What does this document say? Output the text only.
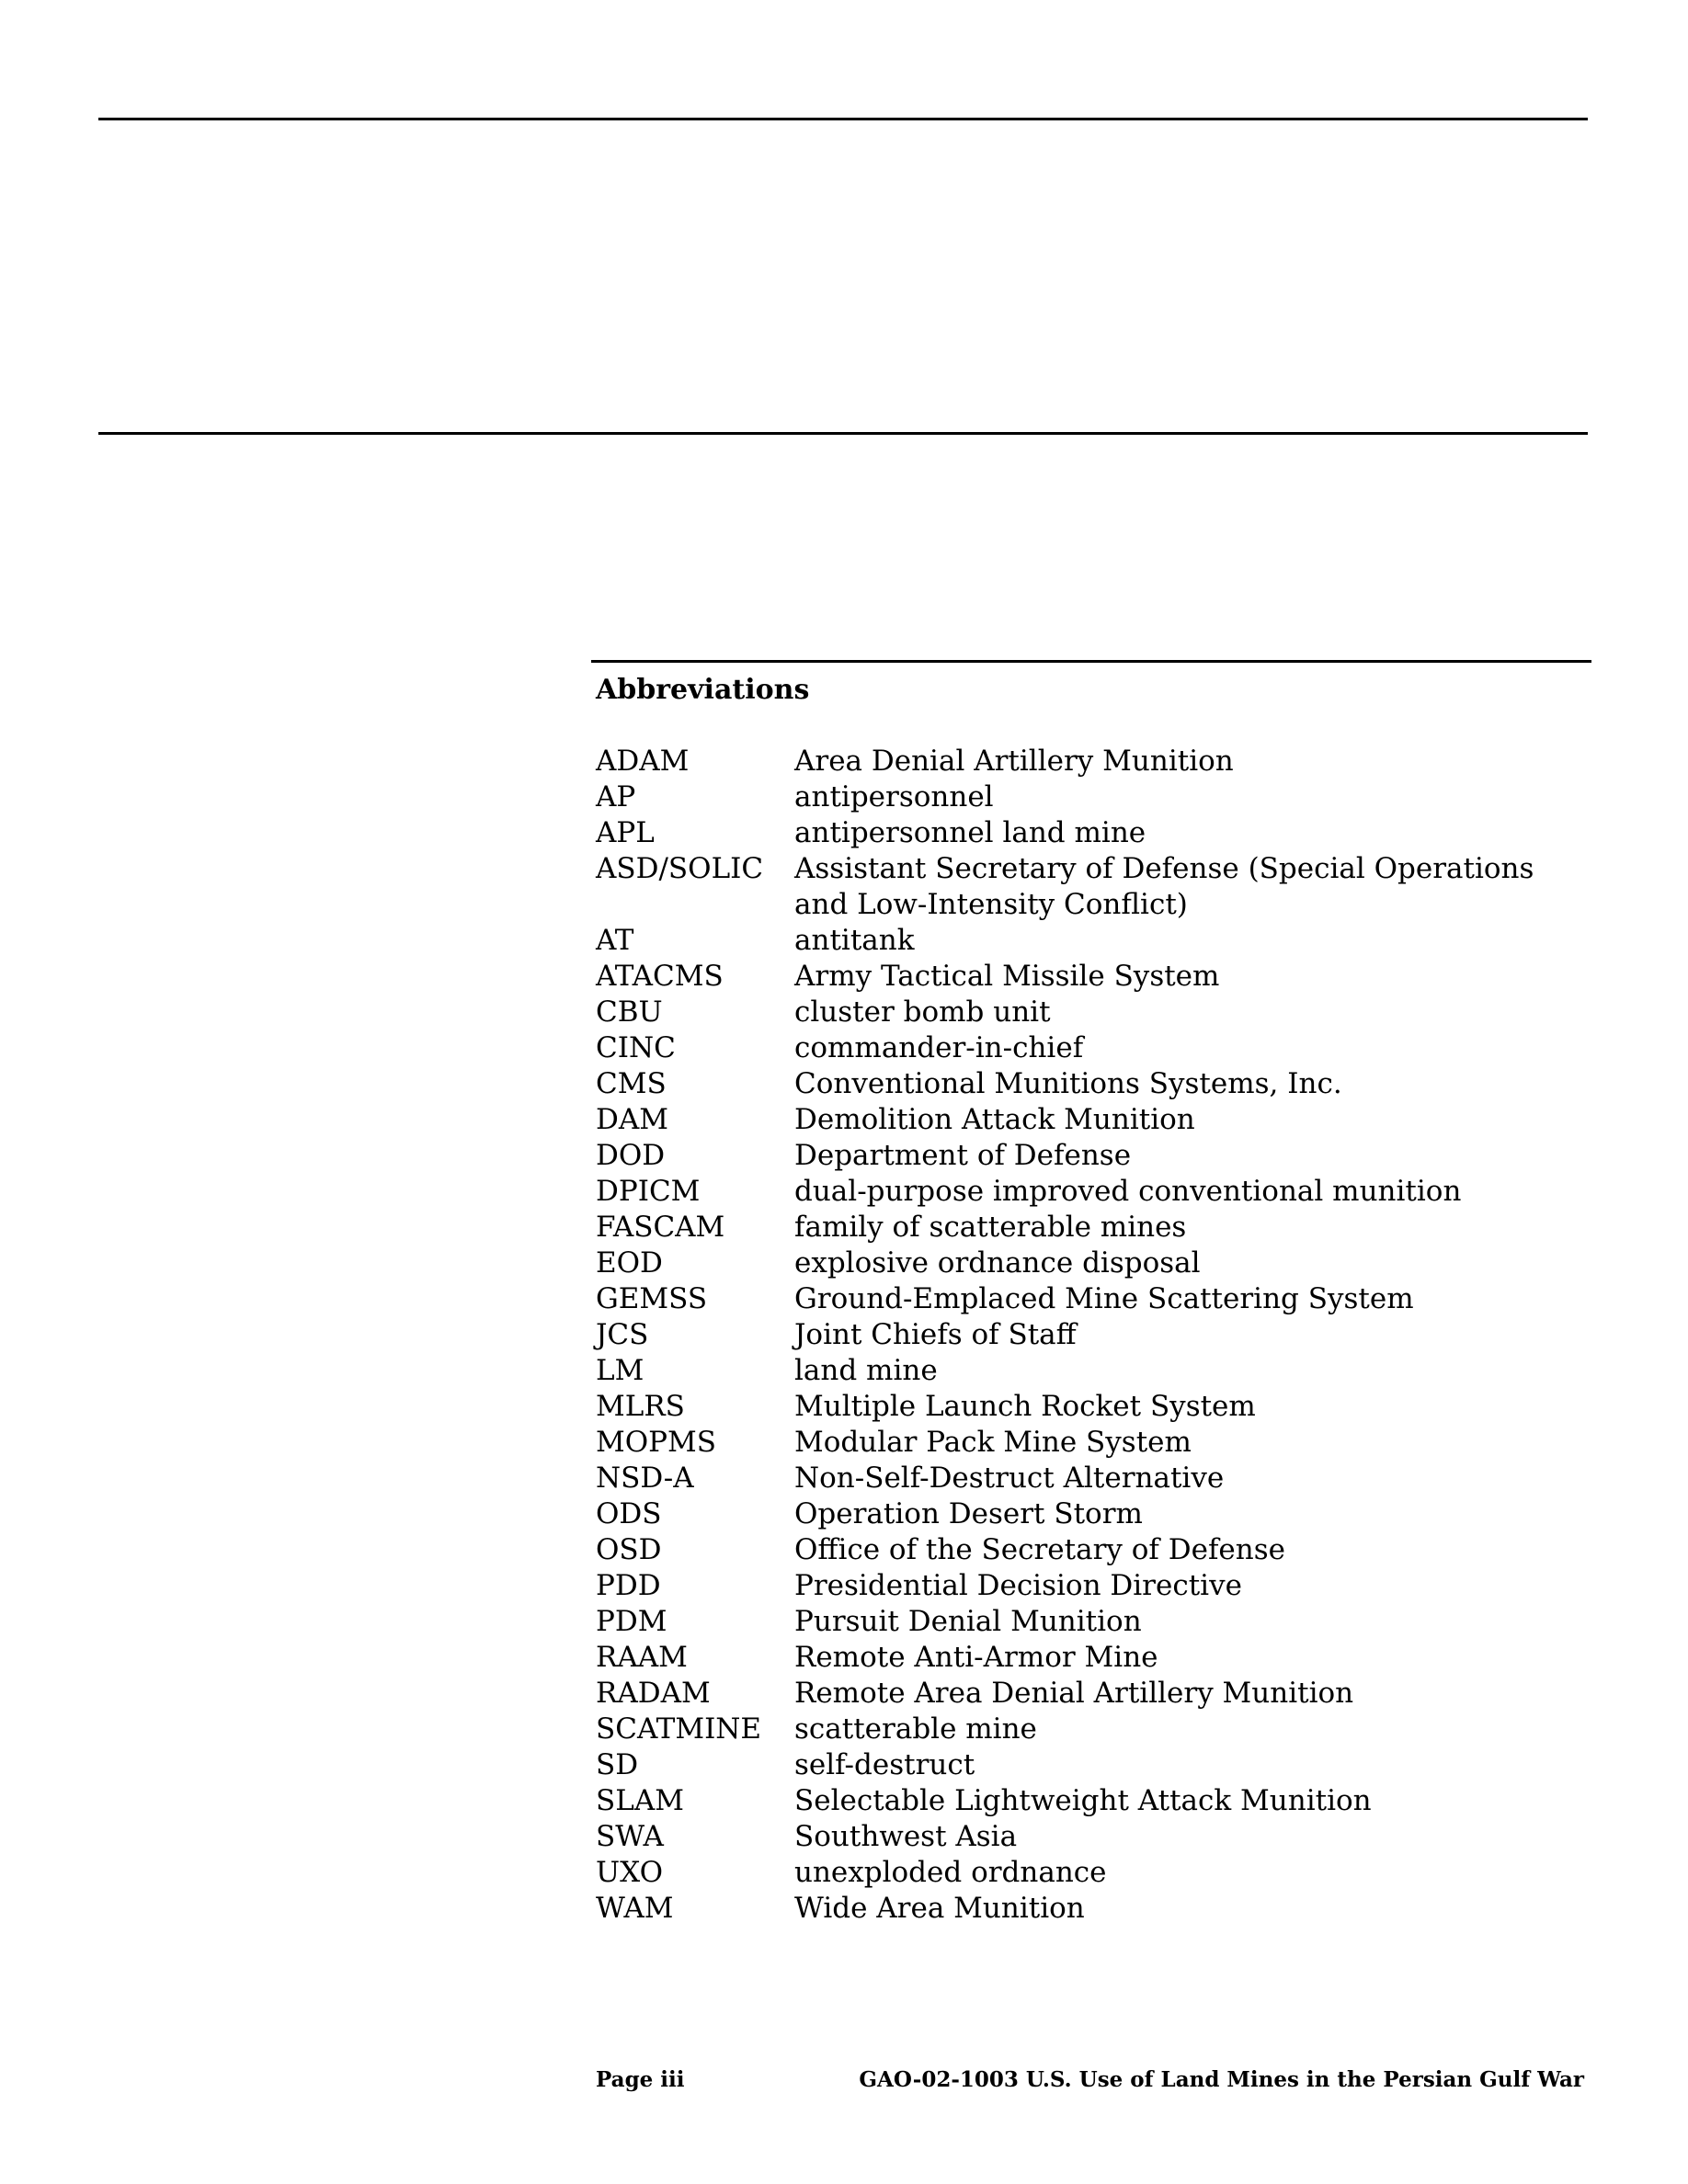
Abbreviations
ADAM	Area Denial Artillery Munition
AP	antipersonnel
APL	antipersonnel land mine
ASD/SOLIC	Assistant Secretary of Defense (Special Operations and Low-Intensity Conflict)
AT	antitank
ATACMS	Army Tactical Missile System
CBU	cluster bomb unit
CINC	commander-in-chief
CMS	Conventional Munitions Systems, Inc.
DAM	Demolition Attack Munition
DOD	Department of Defense
DPICM	dual-purpose improved conventional munition
FASCAM	family of scatterable mines
EOD	explosive ordnance disposal
GEMSS	Ground-Emplaced Mine Scattering System
JCS	Joint Chiefs of Staff
LM	land mine
MLRS	Multiple Launch Rocket System
MOPMS	Modular Pack Mine System
NSD-A	Non-Self-Destruct Alternative
ODS	Operation Desert Storm
OSD	Office of the Secretary of Defense
PDD	Presidential Decision Directive
PDM	Pursuit Denial Munition
RAAM	Remote Anti-Armor Mine
RADAM	Remote Area Denial Artillery Munition
SCATMINE	scatterable mine
SD	self-destruct
SLAM	Selectable Lightweight Attack Munition
SWA	Southwest Asia
UXO	unexploded ordnance
WAM	Wide Area Munition
Page iii	GAO-02-1003 U.S. Use of Land Mines in the Persian Gulf War
